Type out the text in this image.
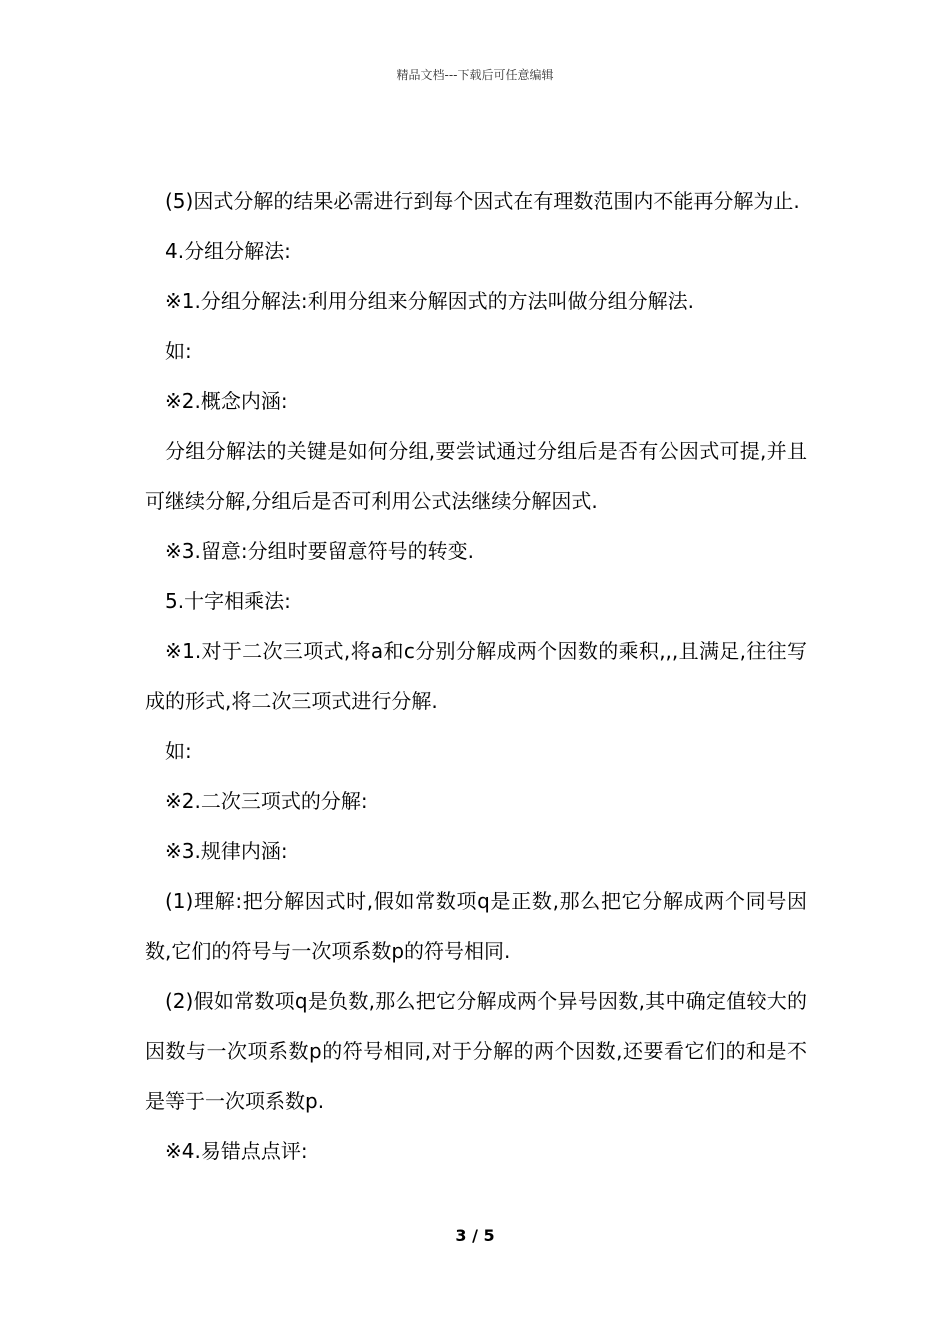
精品文档---下载后可任意编辑

(5)因式分解的结果必需进行到每个因式在有理数范围内不能再分解为止.

4.分组分解法:

※1.分组分解法:利用分组来分解因式的方法叫做分组分解法.

如:

※2.概念内涵:

分组分解法的关键是如何分组,要尝试通过分组后是否有公因式可提,并且可继续分解,分组后是否可利用公式法继续分解因式.

※3.留意:分组时要留意符号的转变.

5.十字相乘法:

※1.对于二次三项式,将a和c分别分解成两个因数的乘积,,,且满足,往往写成的形式,将二次三项式进行分解.

如:

※2.二次三项式的分解:

※3.规律内涵:

(1)理解:把分解因式时,假如常数项q是正数,那么把它分解成两个同号因数,它们的符号与一次项系数p的符号相同.

(2)假如常数项q是负数,那么把它分解成两个异号因数,其中确定值较大的因数与一次项系数p的符号相同,对于分解的两个因数,还要看它们的和是不是等于一次项系数p.

※4.易错点点评:

3 / 5
